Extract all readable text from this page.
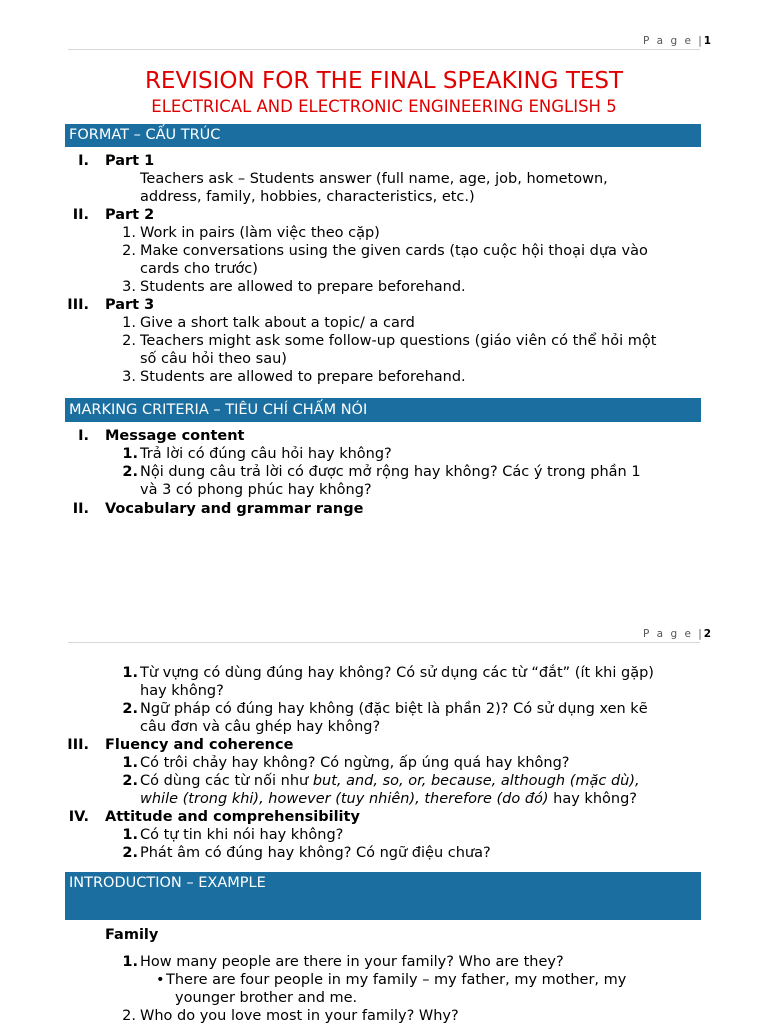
P a g e |1
REVISION FOR THE FINAL SPEAKING TEST
ELECTRICAL AND ELECTRONIC ENGINEERING ENGLISH 5
FORMAT – CẤU TRÚC
I. Part 1
Teachers ask – Students answer (full name, age, job, hometown,
address, family, hobbies, characteristics, etc.)
II. Part 2
1. Work in pairs (làm việc theo cặp)
2. Make conversations using the given cards (tạo cuộc hội thoại dựa vào
cards cho trước)
3. Students are allowed to prepare beforehand.
III. Part 3
1. Give a short talk about a topic/ a card
2. Teachers might ask some follow-up questions (giáo viên có thể hỏi một
số câu hỏi theo sau)
3. Students are allowed to prepare beforehand.
MARKING CRITERIA – TIÊU CHÍ CHẤM NÓI
I. Message content
1. Trả lời có đúng câu hỏi hay không?
2. Nội dung câu trả lời có được mở rộng hay không? Các ý trong phần 1
và 3 có phong phúc hay không?
II. Vocabulary and grammar range
P a g e |2
1. Từ vựng có dùng đúng hay không? Có sử dụng các từ “đắt” (ít khi gặp)
hay không?
2. Ngữ pháp có đúng hay không (đặc biệt là phần 2)? Có sử dụng xen kẽ
câu đơn và câu ghép hay không?
III. Fluency and coherence
1. Có trôi chảy hay không? Có ngừng, ấp úng quá hay không?
2. Có dùng các từ nối như but, and, so, or, because, although (mặc dù),
while (trong khi), however (tuy nhiên), therefore (do đó) hay không?
IV. Attitude and comprehensibility
1. Có tự tin khi nói hay không?
2. Phát âm có đúng hay không? Có ngữ điệu chưa?
INTRODUCTION – EXAMPLE
Family
1. How many people are there in your family? Who are they?
• There are four people in my family – my father, my mother, my
younger brother and me.
2. Who do you love most in your family? Why?
